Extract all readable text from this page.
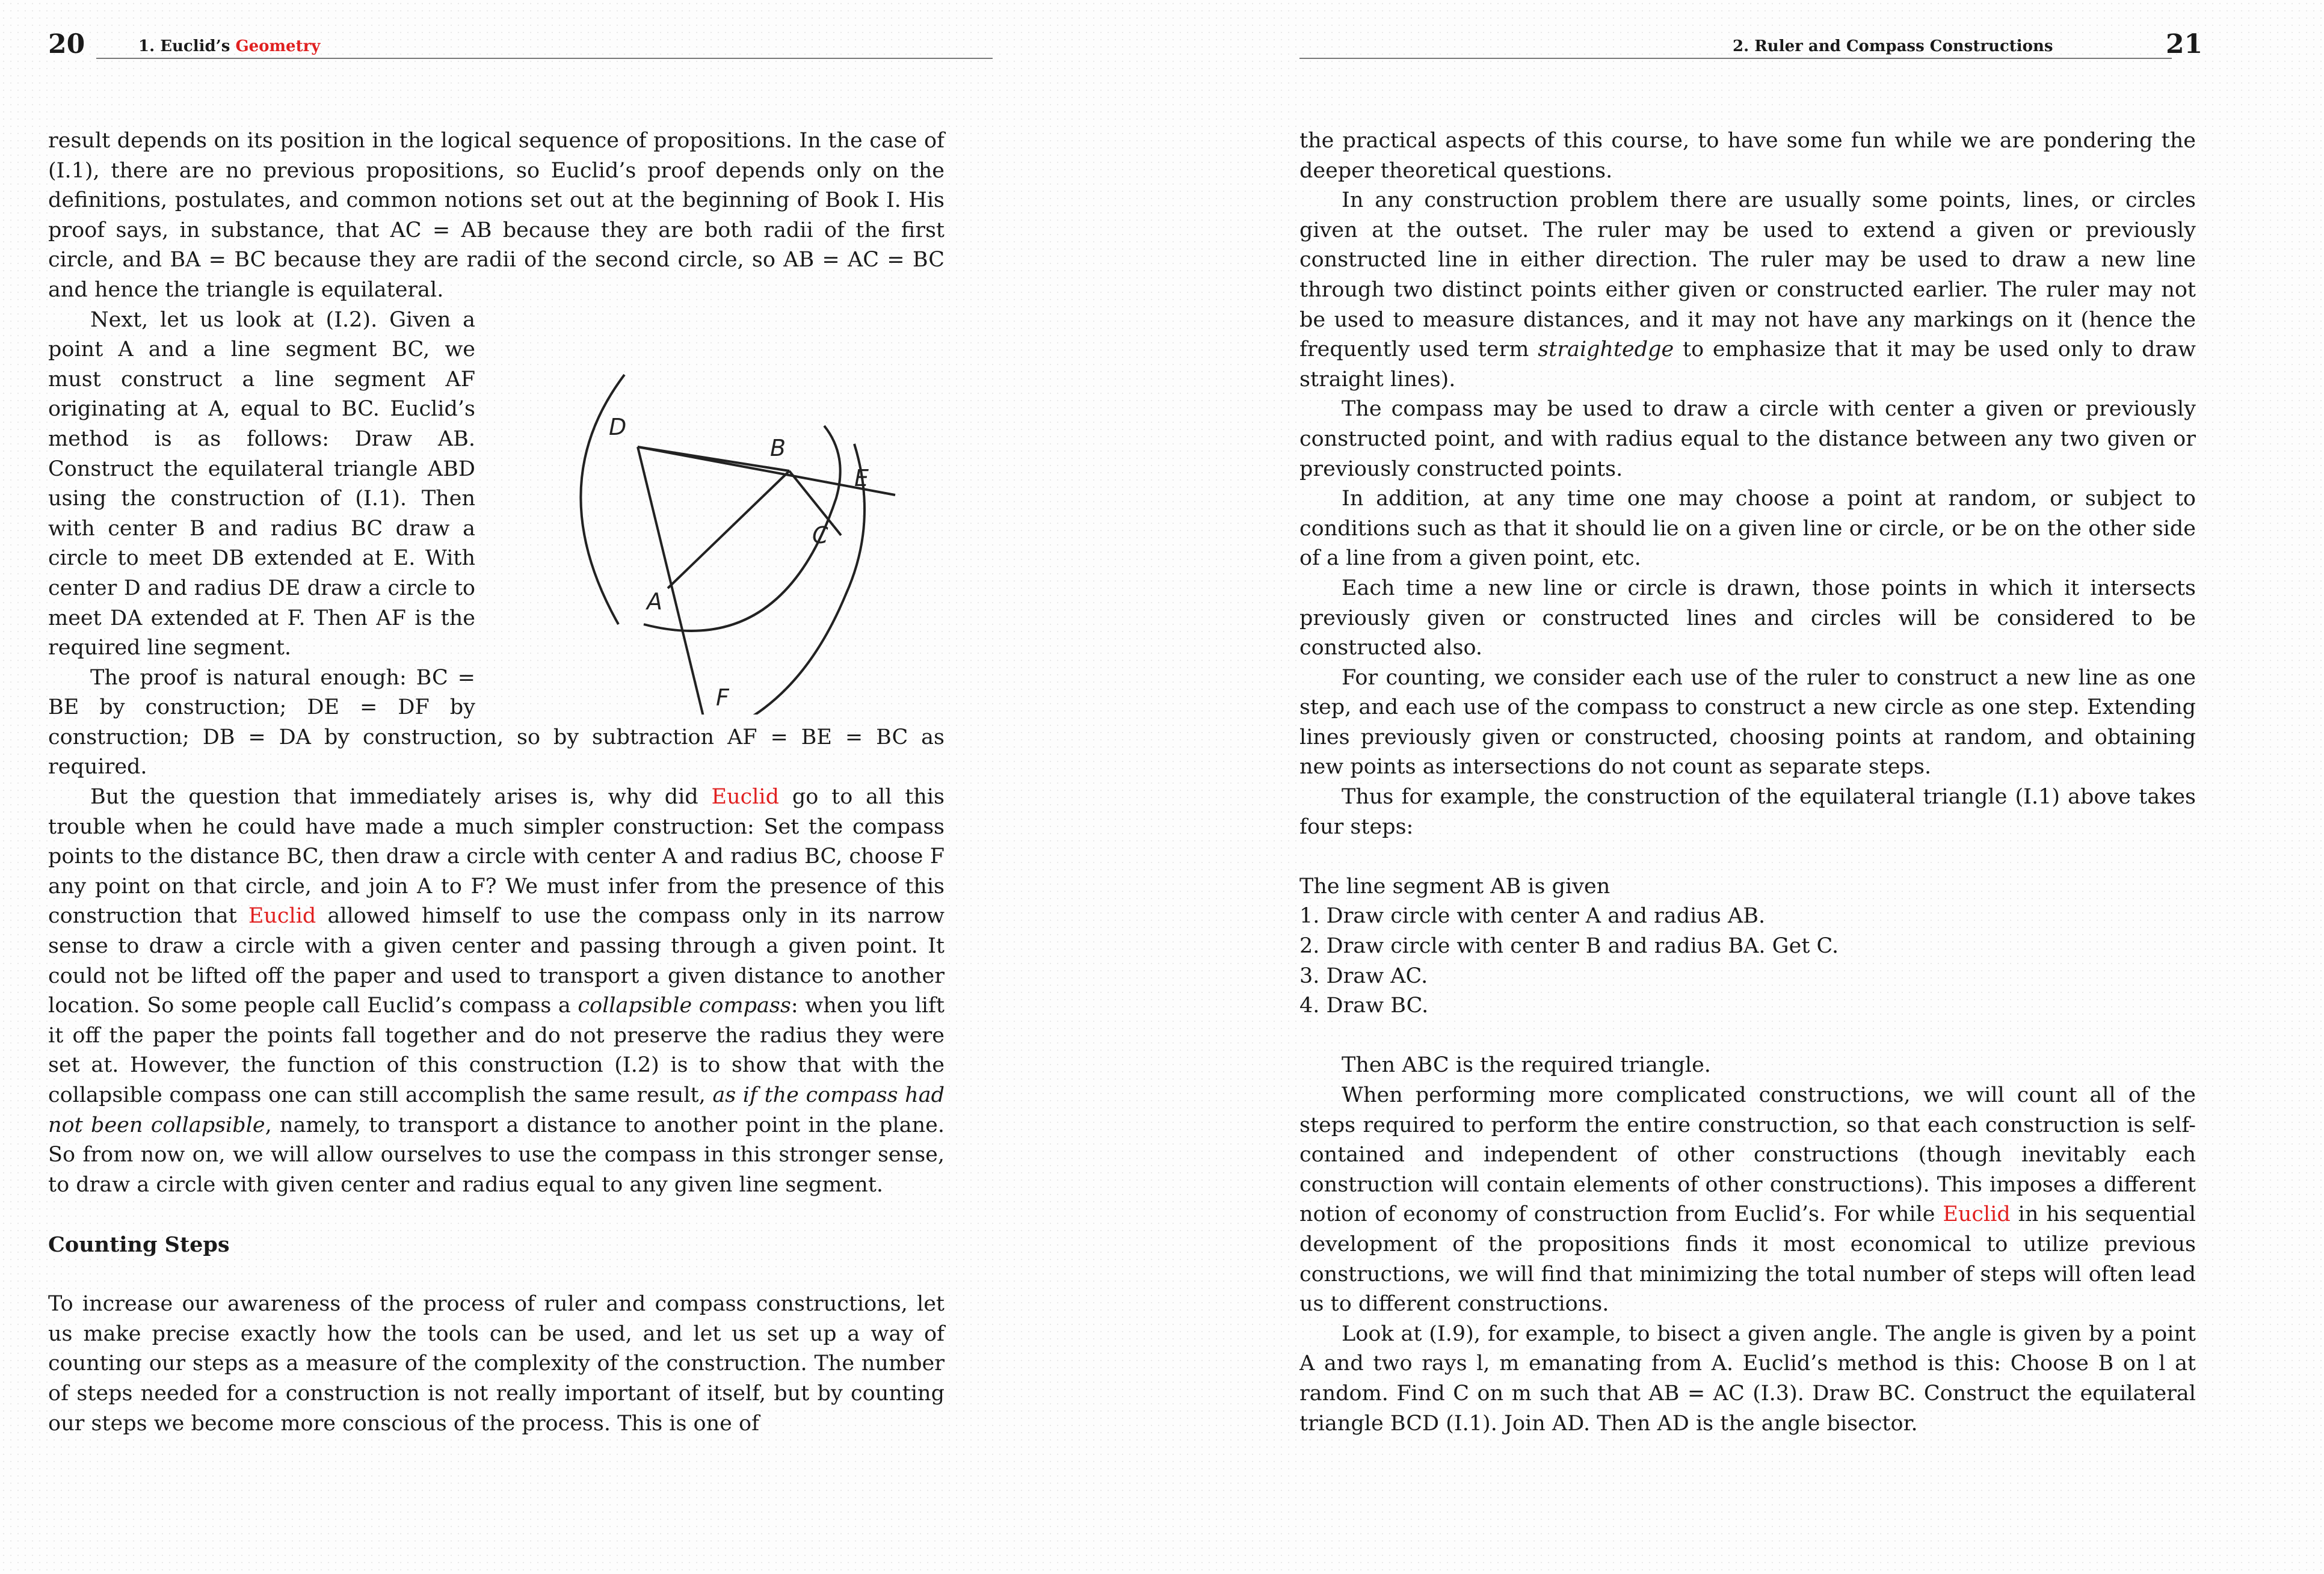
20	1. Euclid’s Geometry

result depends on its position in the logical sequence of propositions. In the case of (I.1), there are no previous propositions, so Euclid’s proof depends only on the definitions, postulates, and common notions set out at the beginning of Book I. His proof says, in substance, that AC = AB because they are both radii of the first circle, and BA = BC because they are radii of the second circle, so AB = AC = BC and hence the triangle is equilateral.

D
B
E
C
A
F

Next, let us look at (I.2). Given a point A and a line segment BC, we must construct a line segment AF originating at A, equal to BC. Euclid’s method is as follows: Draw AB. Construct the equilateral triangle ABD using the construction of (I.1). Then with center B and radius BC draw a circle to meet DB extended at E. With center D and radius DE draw a circle to meet DA extended at F. Then AF is the required line segment.

The proof is natural enough: BC = BE by construction; DE = DF by construction; DB = DA by construction, so by subtraction AF = BE = BC as required.

But the question that immediately arises is, why did Euclid go to all this trouble when he could have made a much simpler construction: Set the compass points to the distance BC, then draw a circle with center A and radius BC, choose F any point on that circle, and join A to F? We must infer from the presence of this construction that Euclid allowed himself to use the compass only in its narrow sense to draw a circle with a given center and passing through a given point. It could not be lifted off the paper and used to transport a given distance to another location. So some people call Euclid’s compass a collapsible compass: when you lift it off the paper the points fall together and do not preserve the radius they were set at. However, the function of this construction (I.2) is to show that with the collapsible compass one can still accomplish the same result, as if the compass had not been collapsible, namely, to transport a distance to another point in the plane. So from now on, we will allow ourselves to use the compass in this stronger sense, to draw a circle with given center and radius equal to any given line segment.

Counting Steps

To increase our awareness of the process of ruler and compass constructions, let us make precise exactly how the tools can be used, and let us set up a way of counting our steps as a measure of the complexity of the construction. The number of steps needed for a construction is not really important of itself, but by counting our steps we become more conscious of the process. This is one of

2. Ruler and Compass Constructions	21

the practical aspects of this course, to have some fun while we are pondering the deeper theoretical questions.

In any construction problem there are usually some points, lines, or circles given at the outset. The ruler may be used to extend a given or previously constructed line in either direction. The ruler may be used to draw a new line through two distinct points either given or constructed earlier. The ruler may not be used to measure distances, and it may not have any markings on it (hence the frequently used term straightedge to emphasize that it may be used only to draw straight lines).

The compass may be used to draw a circle with center a given or previously constructed point, and with radius equal to the distance between any two given or previously constructed points.

In addition, at any time one may choose a point at random, or subject to conditions such as that it should lie on a given line or circle, or be on the other side of a line from a given point, etc.

Each time a new line or circle is drawn, those points in which it intersects previously given or constructed lines and circles will be considered to be constructed also.

For counting, we consider each use of the ruler to construct a new line as one step, and each use of the compass to construct a new circle as one step. Extending lines previously given or constructed, choosing points at random, and obtaining new points as intersections do not count as separate steps.

Thus for example, the construction of the equilateral triangle (I.1) above takes four steps:

The line segment AB is given

1. Draw circle with center A and radius AB.

2. Draw circle with center B and radius BA. Get C.

3. Draw AC.

4. Draw BC.

Then ABC is the required triangle.

When performing more complicated constructions, we will count all of the steps required to perform the entire construction, so that each construction is self-contained and independent of other constructions (though inevitably each construction will contain elements of other constructions). This imposes a different notion of economy of construction from Euclid’s. For while Euclid in his sequential development of the propositions finds it most economical to utilize previous constructions, we will find that minimizing the total number of steps will often lead us to different constructions.

Look at (I.9), for example, to bisect a given angle. The angle is given by a point A and two rays l, m emanating from A. Euclid’s method is this: Choose B on l at random. Find C on m such that AB = AC (I.3). Draw BC. Construct the equilateral triangle BCD (I.1). Join AD. Then AD is the angle bisector.
